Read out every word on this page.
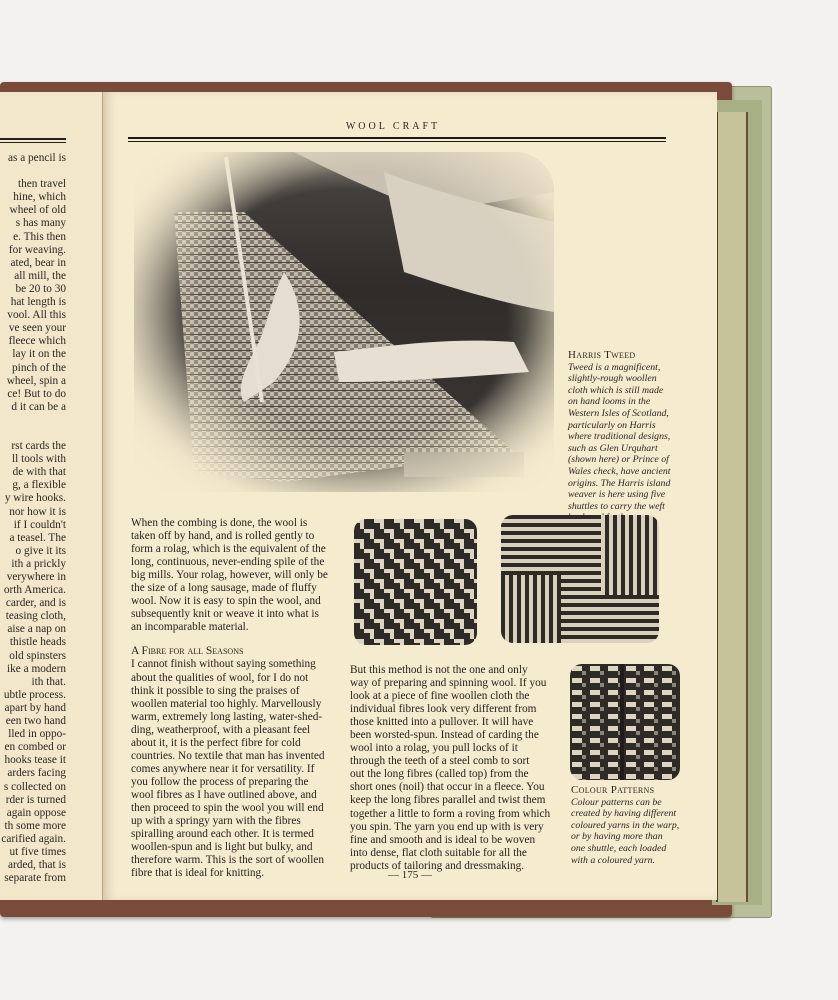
as a pencil is

then travel
hine, which
wheel of old
s has many
e. This then
for weaving.
ated, bear in
all mill, the
be 20 to 30
hat length is
vool. All this
ve seen your
fleece which
lay it on the
pinch of the
wheel, spin a
ce! But to do
d it can be a

rst cards the
ll tools with
de with that
g, a flexible
y wire hooks.
nor how it is
if I couldn't
a teasel. The
o give it its
ith a prickly
verywhere in
orth America.
carder, and is
teasing cloth,
aise a nap on
thistle heads
old spinsters
ike a modern
ith that.
ubtle process.
apart by hand
een two hand
lled in oppo-
en combed or
hooks tease it
arders facing
s collected on
rder is turned
again oppose
th some more
carified again.
ut five times
arded, that is
separate from
WOOL CRAFT
Harris Tweed
Tweed is a magnificent,
slightly-rough woollen
cloth which is still made
on hand looms in the
Western Isles of Scotland,
particularly on Harris
where traditional designs,
such as Glen Urquhart
(shown here) or Prince of
Wales check, have ancient
origins. The Harris island
weaver is here using five
shuttles to carry the weft
When the combing is done, the wool is
taken off by hand, and is rolled gently to
form a rolag, which is the equivalent of the
long, continuous, never-ending spile of the
big mills. Your rolag, however, will only be
the size of a long sausage, made of fluffy
wool. Now it is easy to spin the wool, and
subsequently knit or weave it into what is
an incomparable material.
A Fibre for all Seasons
I cannot finish without saying something
about the qualities of wool, for I do not
think it possible to sing the praises of
woollen material too highly. Marvellously
warm, extremely long lasting, water-shed-
ding, weatherproof, with a pleasant feel
about it, it is the perfect fibre for cold
countries. No textile that man has invented
comes anywhere near it for versatility. If
you follow the process of preparing the
wool fibres as I have outlined above, and
then proceed to spin the wool you will end
up with a springy yarn with the fibres
spiralling around each other. It is termed
woollen-spun and is light but bulky, and
therefore warm. This is the sort of woollen
fibre that is ideal for knitting.
But this method is not the one and only
way of preparing and spinning wool. If you
look at a piece of fine woollen cloth the
individual fibres look very different from
those knitted into a pullover. It will have
been worsted-spun. Instead of carding the
wool into a rolag, you pull locks of it
through the teeth of a steel comb to sort
out the long fibres (called top) from the
short ones (noil) that occur in a fleece. You
keep the long fibres parallel and twist them
together a little to form a roving from which
you spin. The yarn you end up with is very
fine and smooth and is ideal to be woven
into dense, flat cloth suitable for all the
products of tailoring and dressmaking.
Colour Patterns
Colour patterns can be
created by having different
coloured yarns in the warp,
or by having more than
one shuttle, each loaded
with a coloured yarn.
— 175 —
